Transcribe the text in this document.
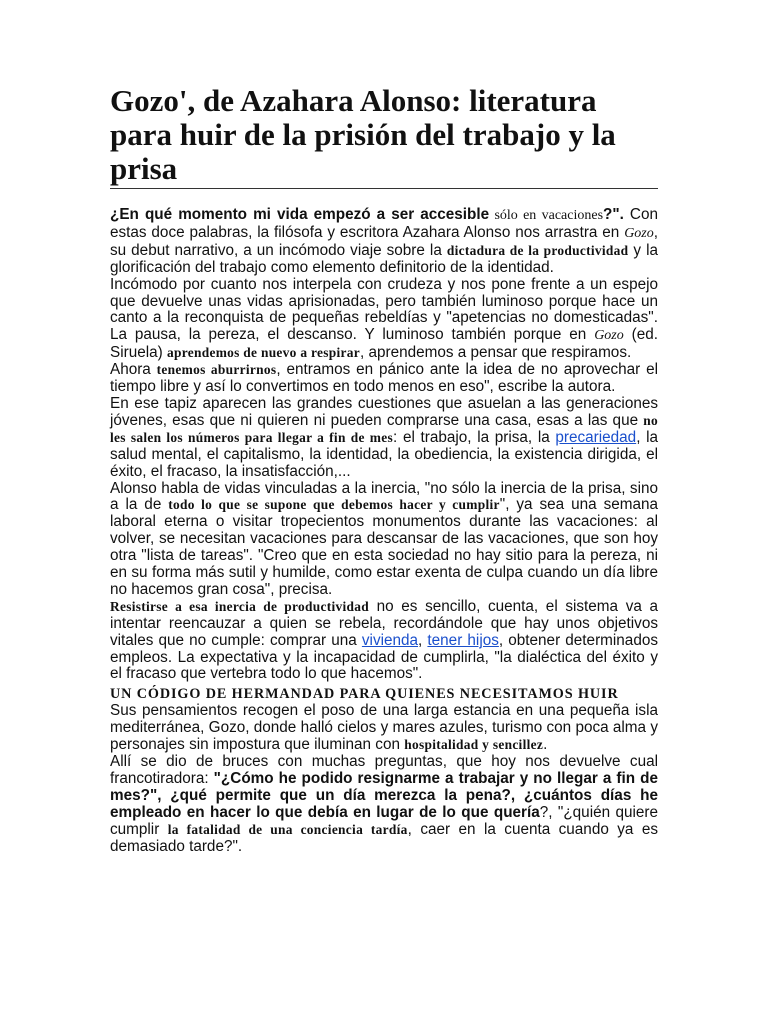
Gozo', de Azahara Alonso: literatura para huir de la prisión del trabajo y la prisa

¿En qué momento mi vida empezó a ser accesible sólo en vacaciones?". Con estas doce palabras, la filósofa y escritora Azahara Alonso nos arrastra en Gozo, su debut narrativo, a un incómodo viaje sobre la dictadura de la productividad y la glorificación del trabajo como elemento definitorio de la identidad.

Incómodo por cuanto nos interpela con crudeza y nos pone frente a un espejo que devuelve unas vidas aprisionadas, pero también luminoso porque hace un canto a la reconquista de pequeñas rebeldías y "apetencias no domesticadas". La pausa, la pereza, el descanso. Y luminoso también porque en Gozo (ed. Siruela) aprendemos de nuevo a respirar, aprendemos a pensar que respiramos.

Ahora tenemos aburrirnos, entramos en pánico ante la idea de no aprovechar el tiempo libre y así lo convertimos en todo menos en eso", escribe la autora.

En ese tapiz aparecen las grandes cuestiones que asuelan a las generaciones jóvenes, esas que ni quieren ni pueden comprarse una casa, esas a las que no les salen los números para llegar a fin de mes: el trabajo, la prisa, la precariedad, la salud mental, el capitalismo, la identidad, la obediencia, la existencia dirigida, el éxito, el fracaso, la insatisfacción,...

Alonso habla de vidas vinculadas a la inercia, "no sólo la inercia de la prisa, sino a la de todo lo que se supone que debemos hacer y cumplir", ya sea una semana laboral eterna o visitar tropecientos monumentos durante las vacaciones: al volver, se necesitan vacaciones para descansar de las vacaciones, que son hoy otra "lista de tareas". "Creo que en esta sociedad no hay sitio para la pereza, ni en su forma más sutil y humilde, como estar exenta de culpa cuando un día libre no hacemos gran cosa", precisa.

Resistirse a esa inercia de productividad no es sencillo, cuenta, el sistema va a intentar reencauzar a quien se rebela, recordándole que hay unos objetivos vitales que no cumple: comprar una vivienda, tener hijos, obtener determinados empleos. La expectativa y la incapacidad de cumplirla, "la dialéctica del éxito y el fracaso que vertebra todo lo que hacemos".

UN CÓDIGO DE HERMANDAD PARA QUIENES NECESITAMOS HUIR

Sus pensamientos recogen el poso de una larga estancia en una pequeña isla mediterránea, Gozo, donde halló cielos y mares azules, turismo con poca alma y personajes sin impostura que iluminan con hospitalidad y sencillez.

Allí se dio de bruces con muchas preguntas, que hoy nos devuelve cual francotiradora: "¿Cómo he podido resignarme a trabajar y no llegar a fin de mes?", ¿qué permite que un día merezca la pena?, ¿cuántos días he empleado en hacer lo que debía en lugar de lo que quería?, "¿quién quiere cumplir la fatalidad de una conciencia tardía, caer en la cuenta cuando ya es demasiado tarde?".
